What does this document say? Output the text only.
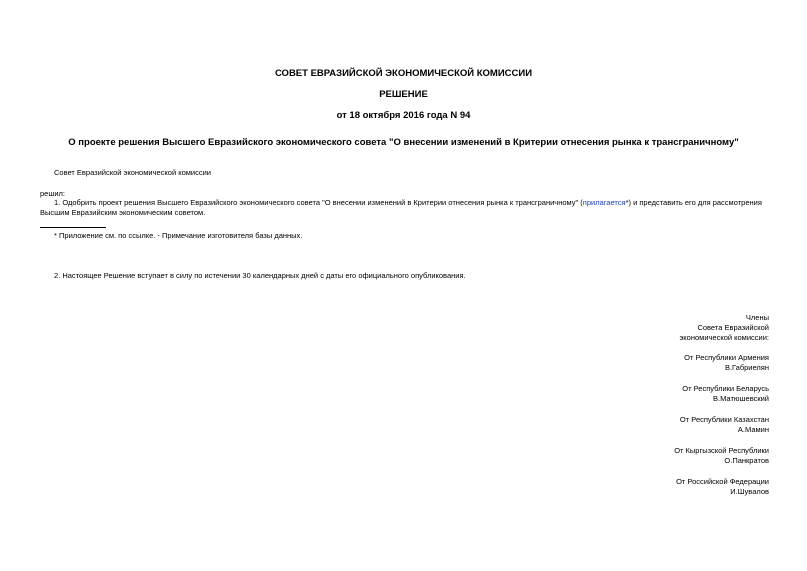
СОВЕТ ЕВРАЗИЙСКОЙ ЭКОНОМИЧЕСКОЙ КОМИССИИ
РЕШЕНИЕ
от 18 октября 2016 года N 94
О проекте решения Высшего Евразийского экономического совета "О внесении изменений в Критерии отнесения рынка к трансграничному"
Совет Евразийской экономической комиссии
решил:
1. Одобрить проект решения Высшего Евразийского экономического совета "О внесении изменений в Критерии отнесения рынка к трансграничному" (прилагается*) и представить его для рассмотрения Высшим Евразийским экономическим советом.
* Приложение см. по ссылке. - Примечание изготовителя базы данных.
2. Настоящее Решение вступает в силу по истечении 30 календарных дней с даты его официального опубликования.
Члены
Совета Евразийской
экономической комиссии:
От Республики Армения
В.Габриелян
От Республики Беларусь
В.Матюшевский
От Республики Казахстан
А.Мамин
От Кыргызской Республики
О.Панкратов
От Российской Федерации
И.Шувалов
